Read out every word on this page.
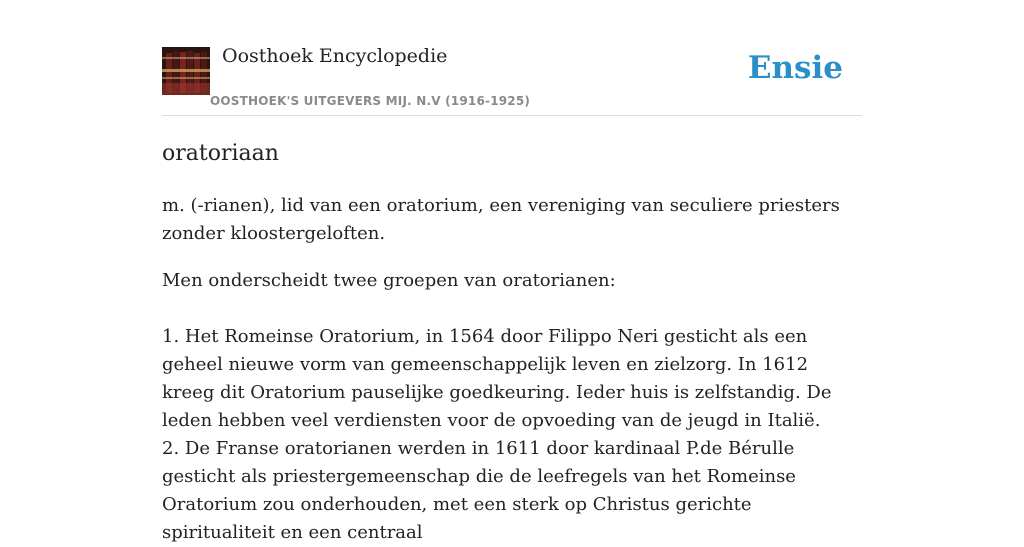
Oosthoek Encyclopedie
OOSTHOEK'S UITGEVERS MIJ. N.V (1916-1925)
Ensie
oratoriaan

m. (-rianen), lid van een oratorium, een vereniging van seculiere priesters zonder kloostergeloften.

Men onderscheidt twee groepen van oratorianen:

1. Het Romeinse Oratorium, in 1564 door Filippo Neri gesticht als een geheel nieuwe vorm van gemeenschappelijk leven en zielzorg. In 1612 kreeg dit Oratorium pauselijke goedkeuring. Ieder huis is zelfstandig. De leden hebben veel verdiensten voor de opvoeding van de jeugd in Italië.

2. De Franse oratorianen werden in 1611 door kardinaal P.de Bérulle gesticht als priestergemeenschap die de leefregels van het Romeinse Oratorium zou onderhouden, met een sterk op Christus gerichte spiritualiteit en een centraal
